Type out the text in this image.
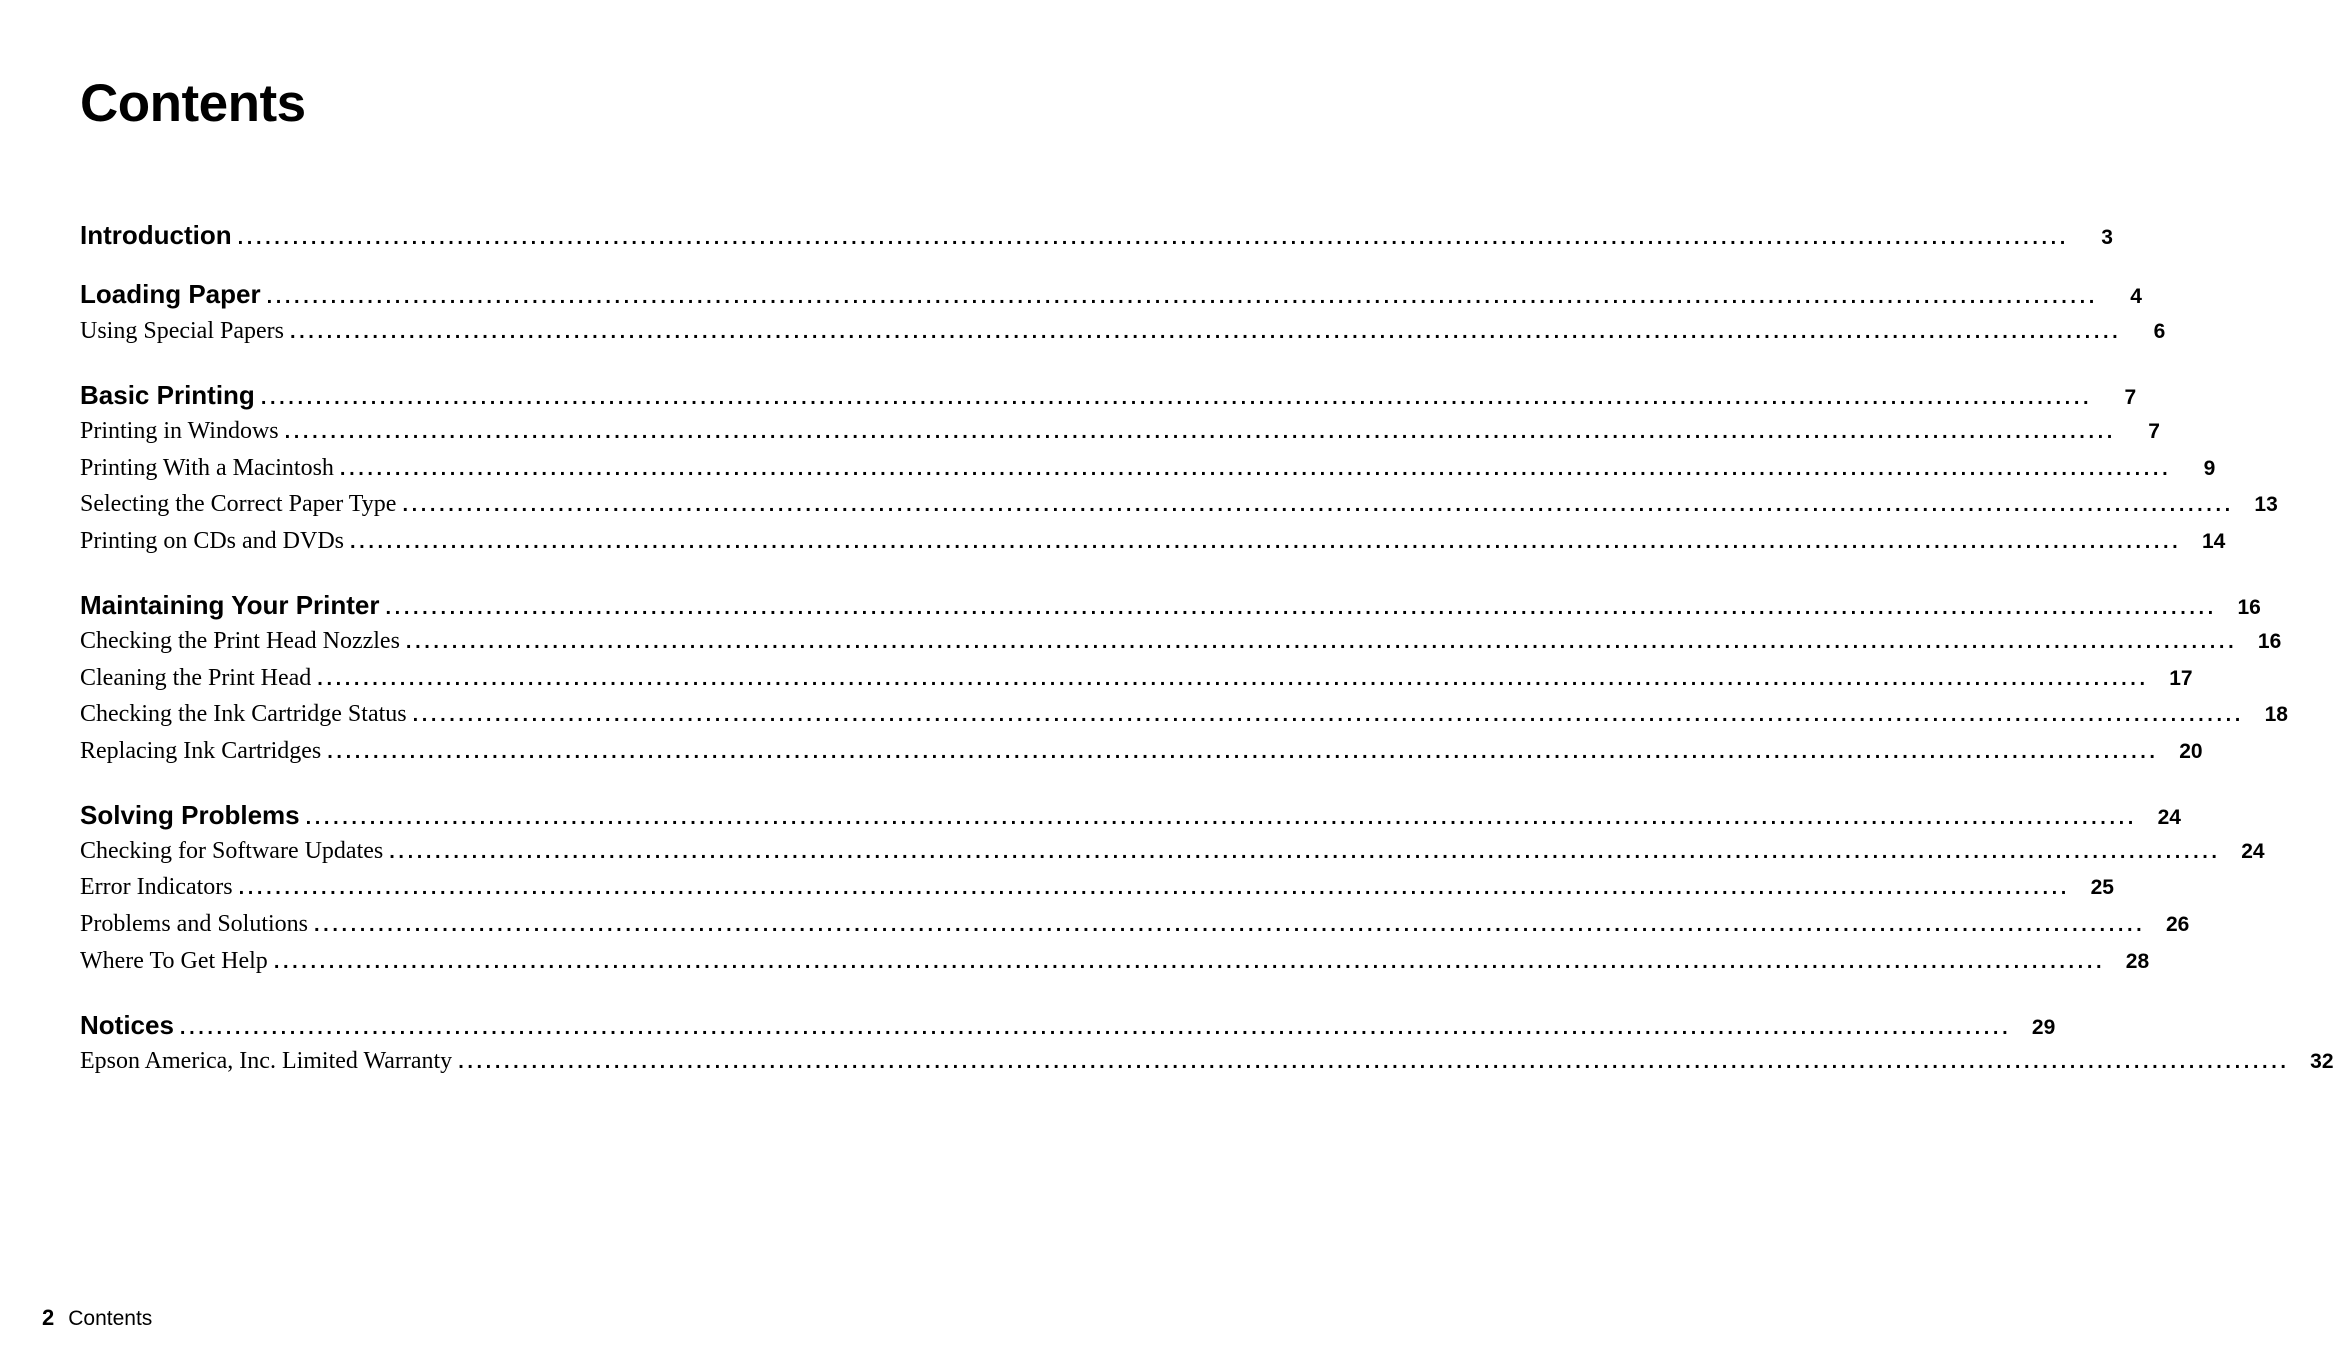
Contents
Introduction ........................................................................................................................................................................................................	3
Loading Paper ........................................................................................................................................................................................................	4
Using Special Papers ........................................................................................................................................................................................................	6
Basic Printing ........................................................................................................................................................................................................	7
Printing in Windows ........................................................................................................................................................................................................	7
Printing With a Macintosh ........................................................................................................................................................................................................	9
Selecting the Correct Paper Type ........................................................................................................................................................................................................ 13
Printing on CDs and DVDs ........................................................................................................................................................................................................ 14
Maintaining Your Printer ........................................................................................................................................................................................................ 16
Checking the Print Head Nozzles ........................................................................................................................................................................................................ 16
Cleaning the Print Head ........................................................................................................................................................................................................ 17
Checking the Ink Cartridge Status ........................................................................................................................................................................................................ 18
Replacing Ink Cartridges ........................................................................................................................................................................................................ 20
Solving Problems ........................................................................................................................................................................................................ 24
Checking for Software Updates ........................................................................................................................................................................................................ 24
Error Indicators ........................................................................................................................................................................................................ 25
Problems and Solutions ........................................................................................................................................................................................................ 26
Where To Get Help ........................................................................................................................................................................................................ 28
Notices ........................................................................................................................................................................................................ 29
Epson America, Inc. Limited Warranty ........................................................................................................................................................................................................ 32
2 Contents
